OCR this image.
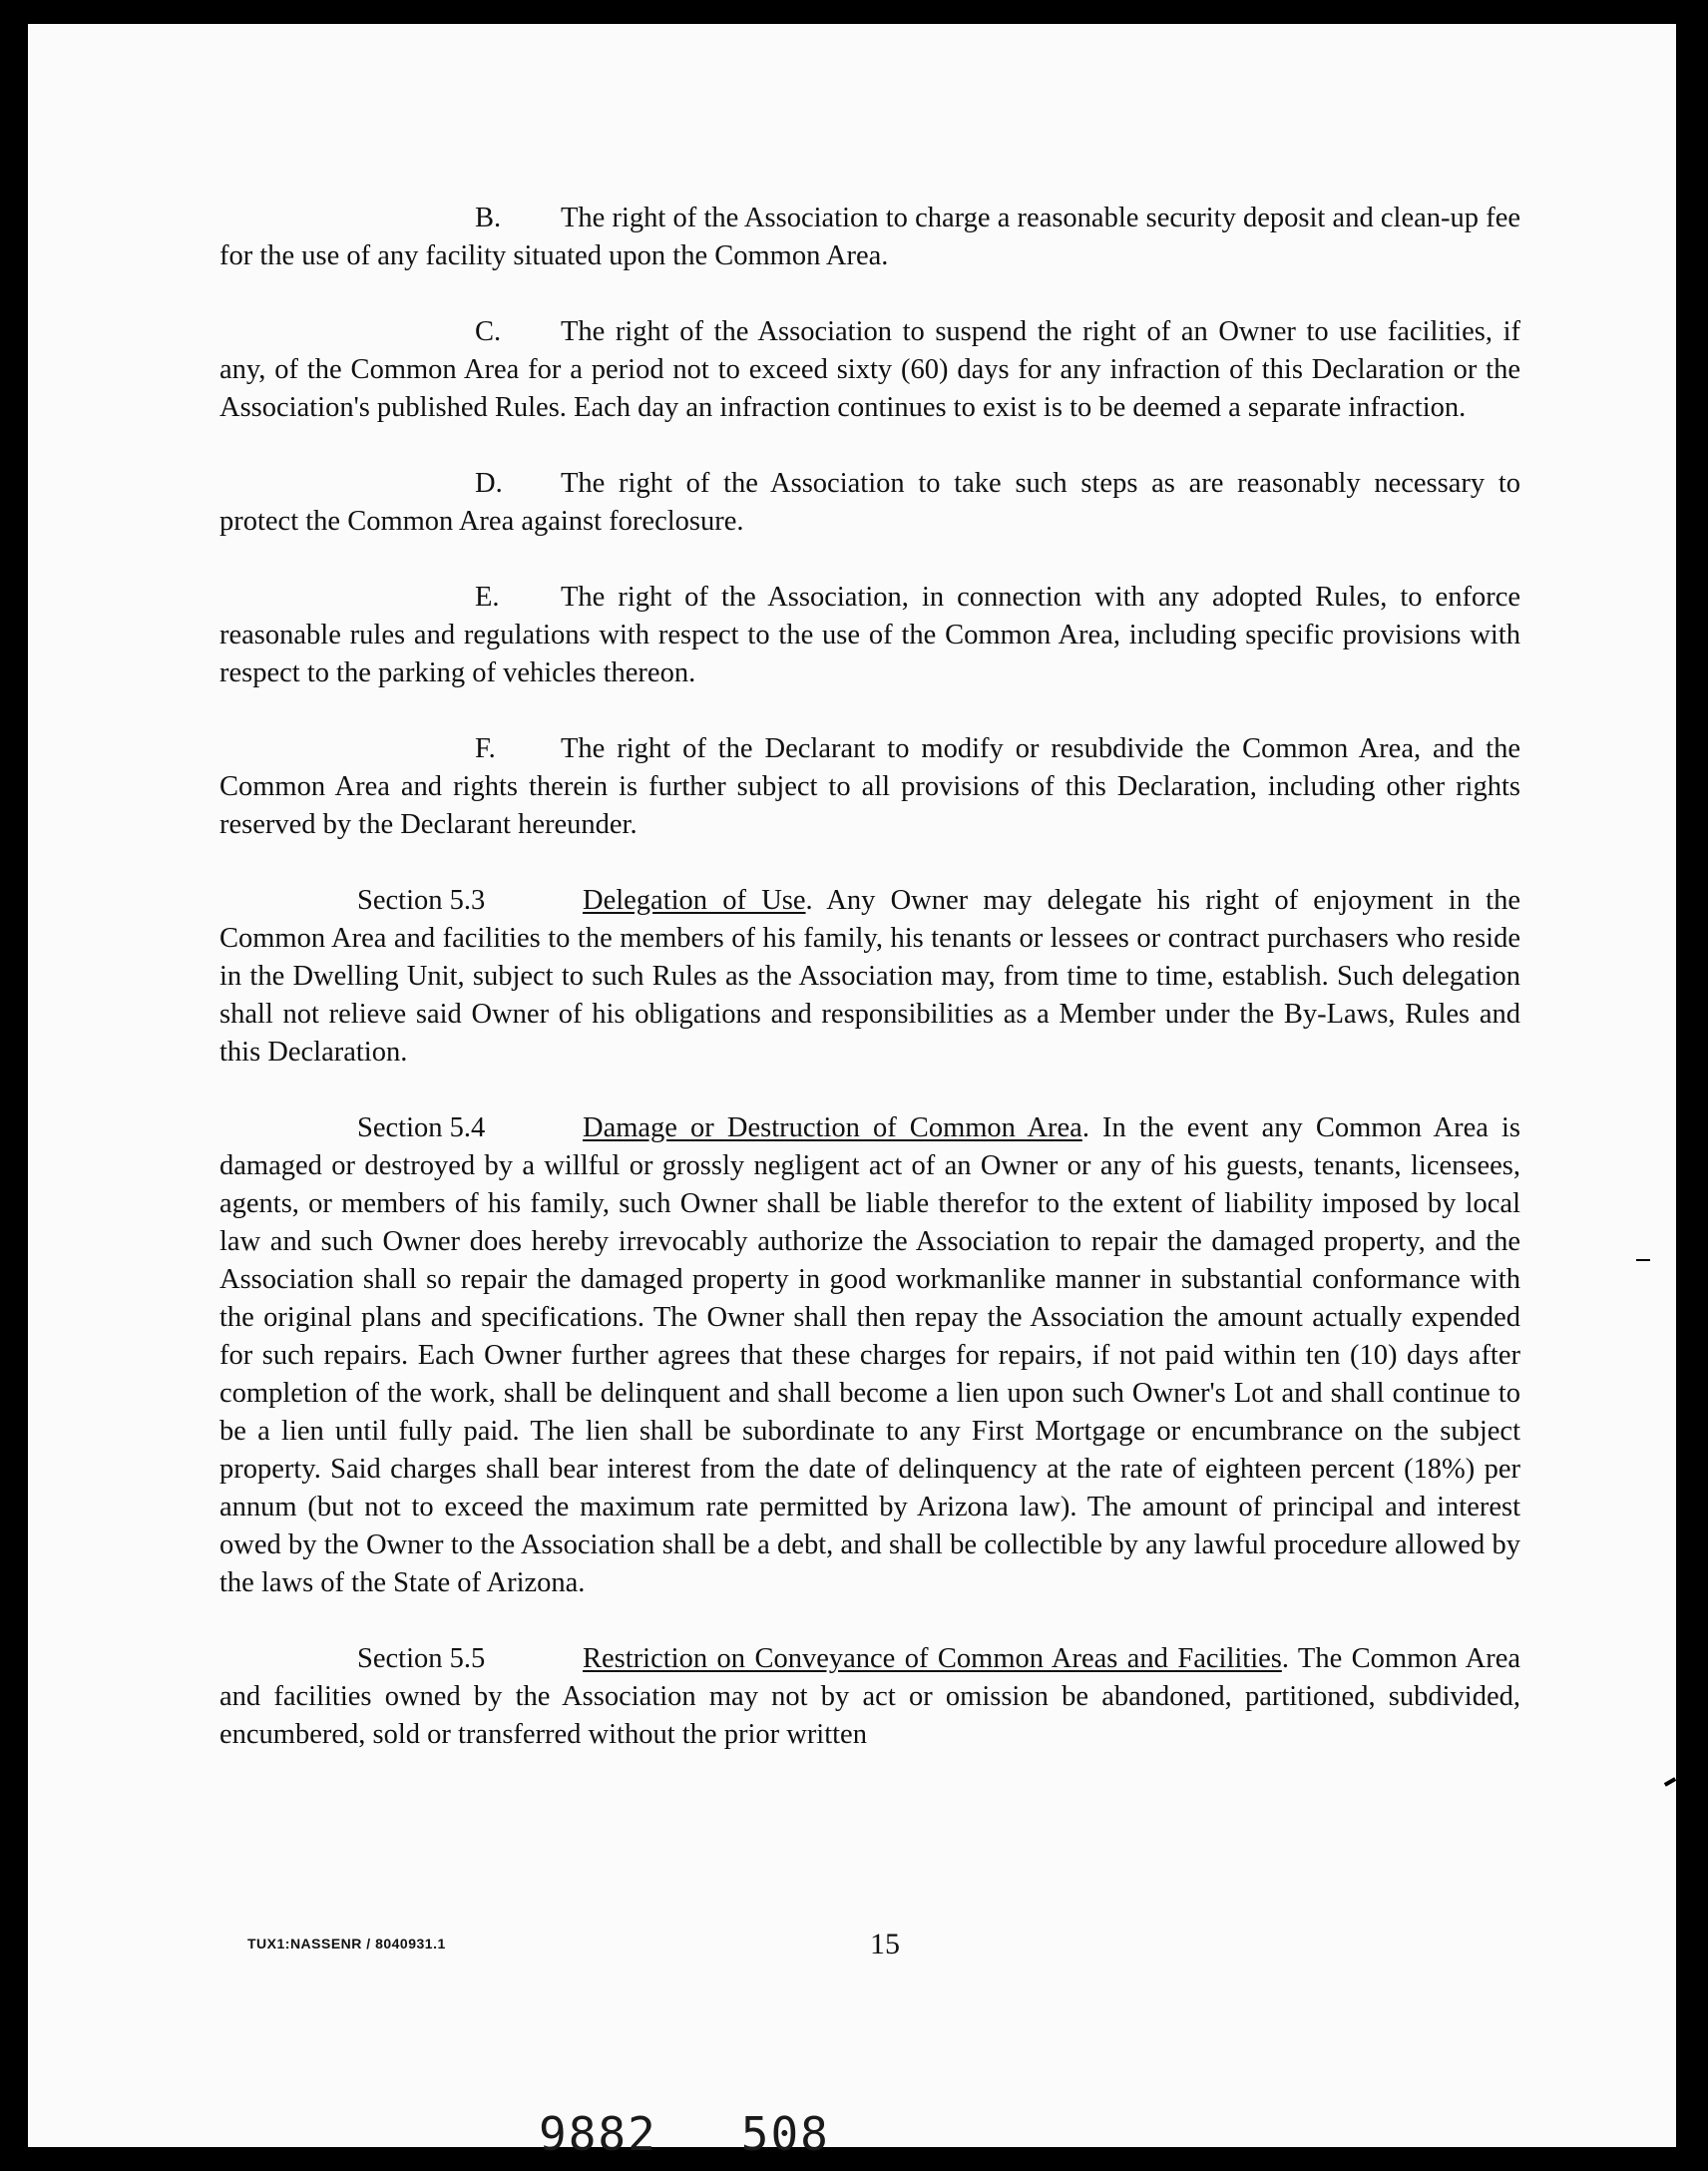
B. The right of the Association to charge a reasonable security deposit and clean-up fee for the use of any facility situated upon the Common Area.

C. The right of the Association to suspend the right of an Owner to use facilities, if any, of the Common Area for a period not to exceed sixty (60) days for any infraction of this Declaration or the Association's published Rules. Each day an infraction continues to exist is to be deemed a separate infraction.

D. The right of the Association to take such steps as are reasonably necessary to protect the Common Area against foreclosure.

E. The right of the Association, in connection with any adopted Rules, to enforce reasonable rules and regulations with respect to the use of the Common Area, including specific provisions with respect to the parking of vehicles thereon.

F. The right of the Declarant to modify or resubdivide the Common Area, and the Common Area and rights therein is further subject to all provisions of this Declaration, including other rights reserved by the Declarant hereunder.

Section 5.3	Delegation of Use. Any Owner may delegate his right of enjoyment in the Common Area and facilities to the members of his family, his tenants or lessees or contract purchasers who reside in the Dwelling Unit, subject to such Rules as the Association may, from time to time, establish. Such delegation shall not relieve said Owner of his obligations and responsibilities as a Member under the By-Laws, Rules and this Declaration.

Section 5.4	Damage or Destruction of Common Area. In the event any Common Area is damaged or destroyed by a willful or grossly negligent act of an Owner or any of his guests, tenants, licensees, agents, or members of his family, such Owner shall be liable therefor to the extent of liability imposed by local law and such Owner does hereby irrevocably authorize the Association to repair the damaged property, and the Association shall so repair the damaged property in good workmanlike manner in substantial conformance with the original plans and specifications. The Owner shall then repay the Association the amount actually expended for such repairs. Each Owner further agrees that these charges for repairs, if not paid within ten (10) days after completion of the work, shall be delinquent and shall become a lien upon such Owner's Lot and shall continue to be a lien until fully paid. The lien shall be subordinate to any First Mortgage or encumbrance on the subject property. Said charges shall bear interest from the date of delinquency at the rate of eighteen percent (18%) per annum (but not to exceed the maximum rate permitted by Arizona law). The amount of principal and interest owed by the Owner to the Association shall be a debt, and shall be collectible by any lawful procedure allowed by the laws of the State of Arizona.

Section 5.5	Restriction on Conveyance of Common Areas and Facilities. The Common Area and facilities owned by the Association may not by act or omission be abandoned, partitioned, subdivided, encumbered, sold or transferred without the prior written

TUX1:NASSENR / 8040931.1	15
9882 508
